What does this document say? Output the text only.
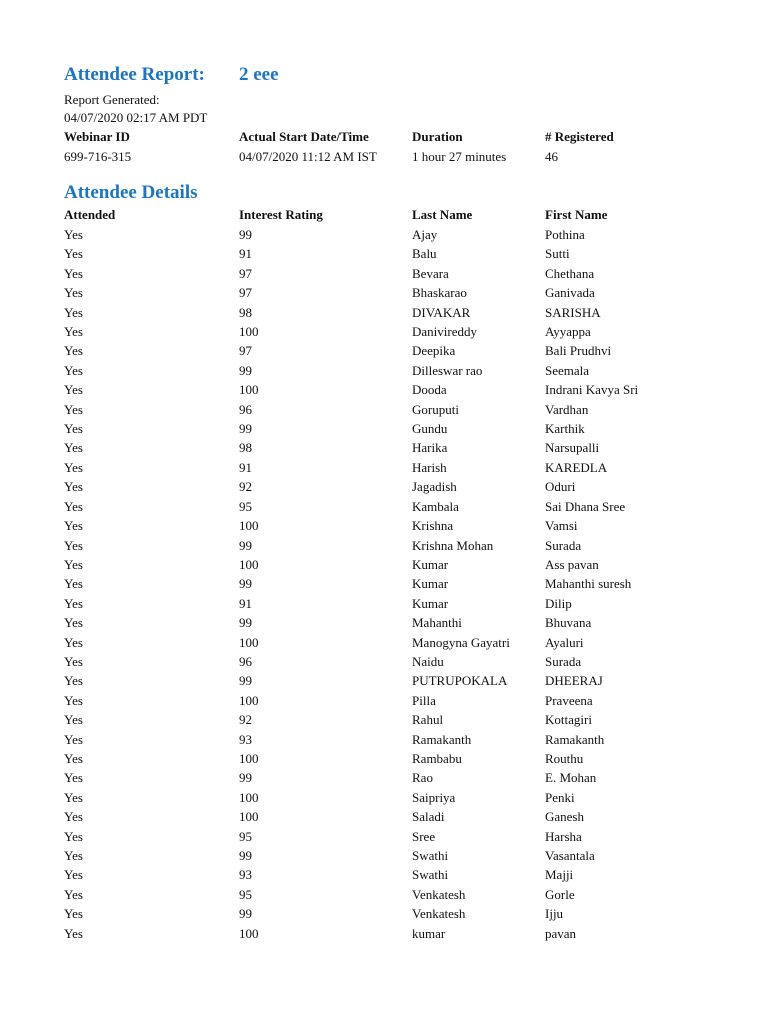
Attendee Report: 2 eee
Report Generated:
04/07/2020 02:17 AM PDT
Webinar ID	Actual Start Date/Time	Duration	# Registered
699-716-315	04/07/2020 11:12 AM IST	1 hour 27 minutes	46
Attendee Details
Attended	Interest Rating	Last Name	First Name
Yes	99	Ajay	Pothina
Yes	91	Balu	Sutti
Yes	97	Bevara	Chethana
Yes	97	Bhaskarao	Ganivada
Yes	98	DIVAKAR	SARISHA
Yes	100	Danivireddy	Ayyappa
Yes	97	Deepika	Bali Prudhvi
Yes	99	Dilleswar rao	Seemala
Yes	100	Dooda	Indrani Kavya Sri
Yes	96	Goruputi	Vardhan
Yes	99	Gundu	Karthik
Yes	98	Harika	Narsupalli
Yes	91	Harish	KAREDLA
Yes	92	Jagadish	Oduri
Yes	95	Kambala	Sai Dhana Sree
Yes	100	Krishna	Vamsi
Yes	99	Krishna Mohan	Surada
Yes	100	Kumar	Ass pavan
Yes	99	Kumar	Mahanthi suresh
Yes	91	Kumar	Dilip
Yes	99	Mahanthi	Bhuvana
Yes	100	Manogyna Gayatri	Ayaluri
Yes	96	Naidu	Surada
Yes	99	PUTRUPOKALA	DHEERAJ
Yes	100	Pilla	Praveena
Yes	92	Rahul	Kottagiri
Yes	93	Ramakanth	Ramakanth
Yes	100	Rambabu	Routhu
Yes	99	Rao	E. Mohan
Yes	100	Saipriya	Penki
Yes	100	Saladi	Ganesh
Yes	95	Sree	Harsha
Yes	99	Swathi	Vasantala
Yes	93	Swathi	Majji
Yes	95	Venkatesh	Gorle
Yes	99	Venkatesh	Ijju
Yes	100	kumar	pavan
